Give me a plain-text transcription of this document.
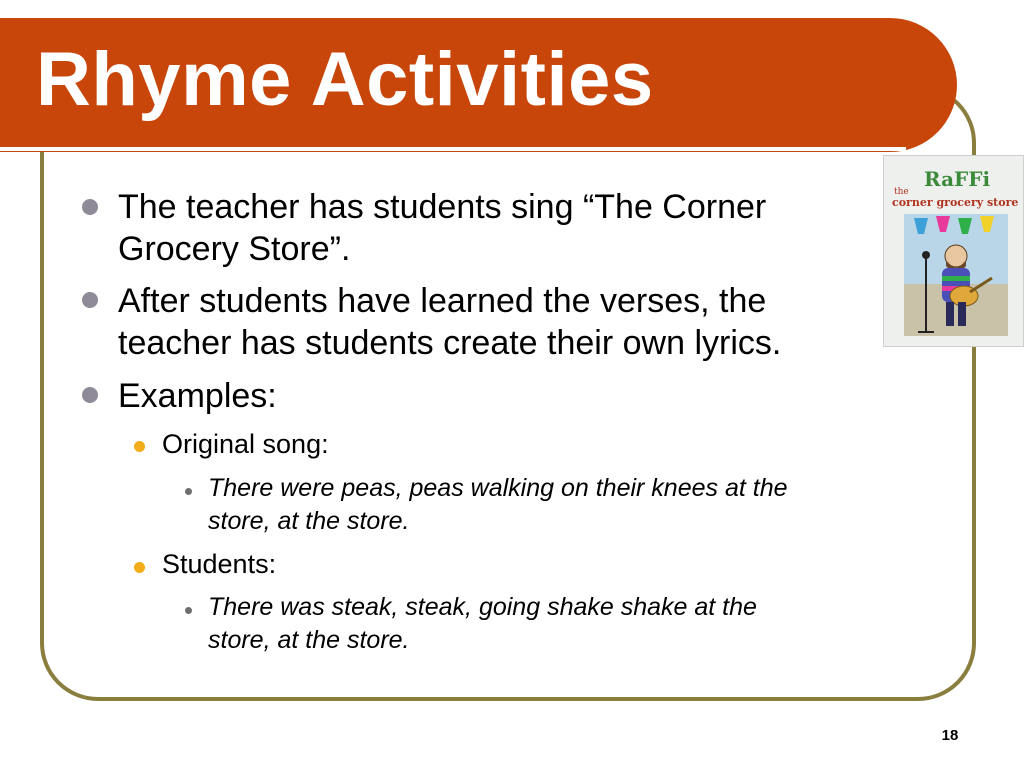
Rhyme Activities

The teacher has students sing “The Corner

Grocery Store”.

After students have learned the verses, the

teacher has students create their own lyrics.

Examples:

Original song:

There were peas, peas walking on their knees at the

store, at the store.

Students:

There was steak, steak, going shake shake at the

store, at the store.

RaFFi
the
corner grocery store
18
